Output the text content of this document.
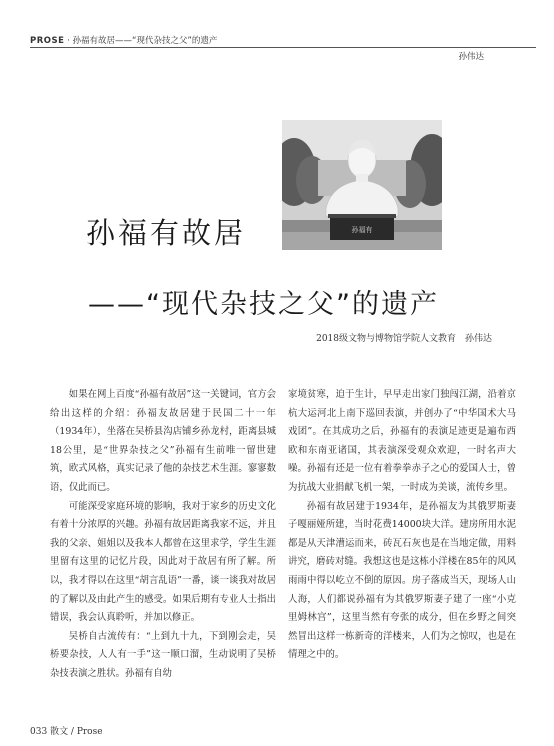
PROSE · 孙福有故居——“现代杂技之父”的遗产
孙伟达
孙福有
孙福有故居
——“现代杂技之父”的遗产
2018级文物与博物馆学院人文教育　孙伟达

如果在网上百度“孙福有故居”这一关键词，官方会给出这样的介绍：孙福友故居建于民国二十一年（1934年），坐落在吴桥县沟店铺乡孙龙村，距离县城18公里，是“世界杂技之父”孙福有生前唯一留世建筑，欧式风格，真实记录了他的杂技艺术生涯。寥寥数语，仅此而已。

可能深受家庭环境的影响，我对于家乡的历史文化有着十分浓厚的兴趣。孙福有故居距离我家不远，并且我的父亲、姐姐以及我本人都曾在这里求学，学生生涯里留有这里的记忆片段，因此对于故居有所了解。所以，我才得以在这里“胡言乱语”一番，谈一谈我对故居的了解以及由此产生的感受。如果后期有专业人士指出错误，我会认真聆听，并加以修正。

吴桥自古流传有：“上到九十九，下到刚会走，吴桥要杂技，人人有一手”这一顺口溜，生动说明了吴桥杂技表演之胜状。孙福有自幼

家境贫寒，迫于生计，早早走出家门独闯江湖，沿着京杭大运河北上南下巡回表演，并创办了“中华国术大马戏团”。在其成功之后，孙福有的表演足迹更是遍布西欧和东南亚诸国，其表演深受观众欢迎，一时名声大噪。孙福有还是一位有着拳拳赤子之心的爱国人士，曾为抗战大业捐献飞机一架，一时成为美谈，流传乡里。

孙福有故居建于1934年，是孙福友为其俄罗斯妻子嘎丽娅所建，当时花费14000块大洋。建房所用水泥都是从天津漕运而来，砖瓦石灰也是在当地定做，用料讲究，磨砖对缝。我想这也是这栋小洋楼在85年的风风雨雨中得以屹立不倒的原因。房子落成当天，现场人山人海，人们都说孙福有为其俄罗斯妻子建了一座“小克里姆林宫”，这里当然有夸张的成分，但在乡野之间突然冒出这样一栋新奇的洋楼来，人们为之惊叹，也是在情理之中的。

033 散文 / Prose
